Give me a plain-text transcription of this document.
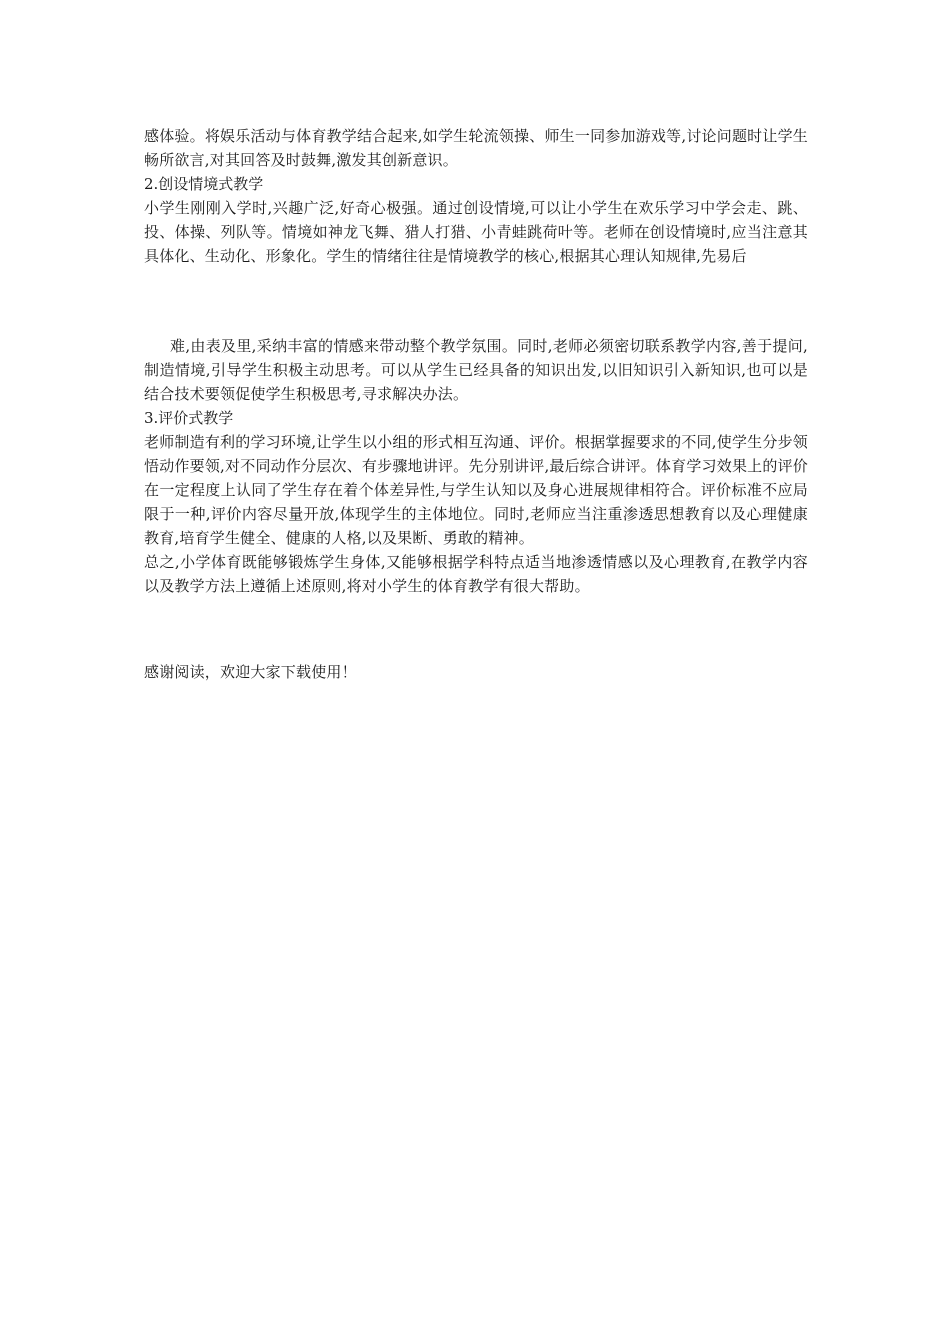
感体验。将娱乐活动与体育教学结合起来,如学生轮流领操、师生一同参加游戏等,讨论问题时让学生畅所欲言,对其回答及时鼓舞,激发其创新意识。

2.创设情境式教学

小学生刚刚入学时,兴趣广泛,好奇心极强。通过创设情境,可以让小学生在欢乐学习中学会走、跳、投、体操、列队等。情境如神龙飞舞、猎人打猎、小青蛙跳荷叶等。老师在创设情境时,应当注意其具体化、生动化、形象化。学生的情绪往往是情境教学的核心,根据其心理认知规律,先易后

难,由表及里,采纳丰富的情感来带动整个教学氛围。同时,老师必须密切联系教学内容,善于提问,制造情境,引导学生积极主动思考。可以从学生已经具备的知识出发,以旧知识引入新知识,也可以是结合技术要领促使学生积极思考,寻求解决办法。

3.评价式教学

老师制造有利的学习环境,让学生以小组的形式相互沟通、评价。根据掌握要求的不同,使学生分步领悟动作要领,对不同动作分层次、有步骤地讲评。先分别讲评,最后综合讲评。体育学习效果上的评价在一定程度上认同了学生存在着个体差异性,与学生认知以及身心进展规律相符合。评价标准不应局限于一种,评价内容尽量开放,体现学生的主体地位。同时,老师应当注重渗透思想教育以及心理健康教育,培育学生健全、健康的人格,以及果断、勇敢的精神。

总之,小学体育既能够锻炼学生身体,又能够根据学科特点适当地渗透情感以及心理教育,在教学内容以及教学方法上遵循上述原则,将对小学生的体育教学有很大帮助。

感谢阅读，欢迎大家下载使用！
